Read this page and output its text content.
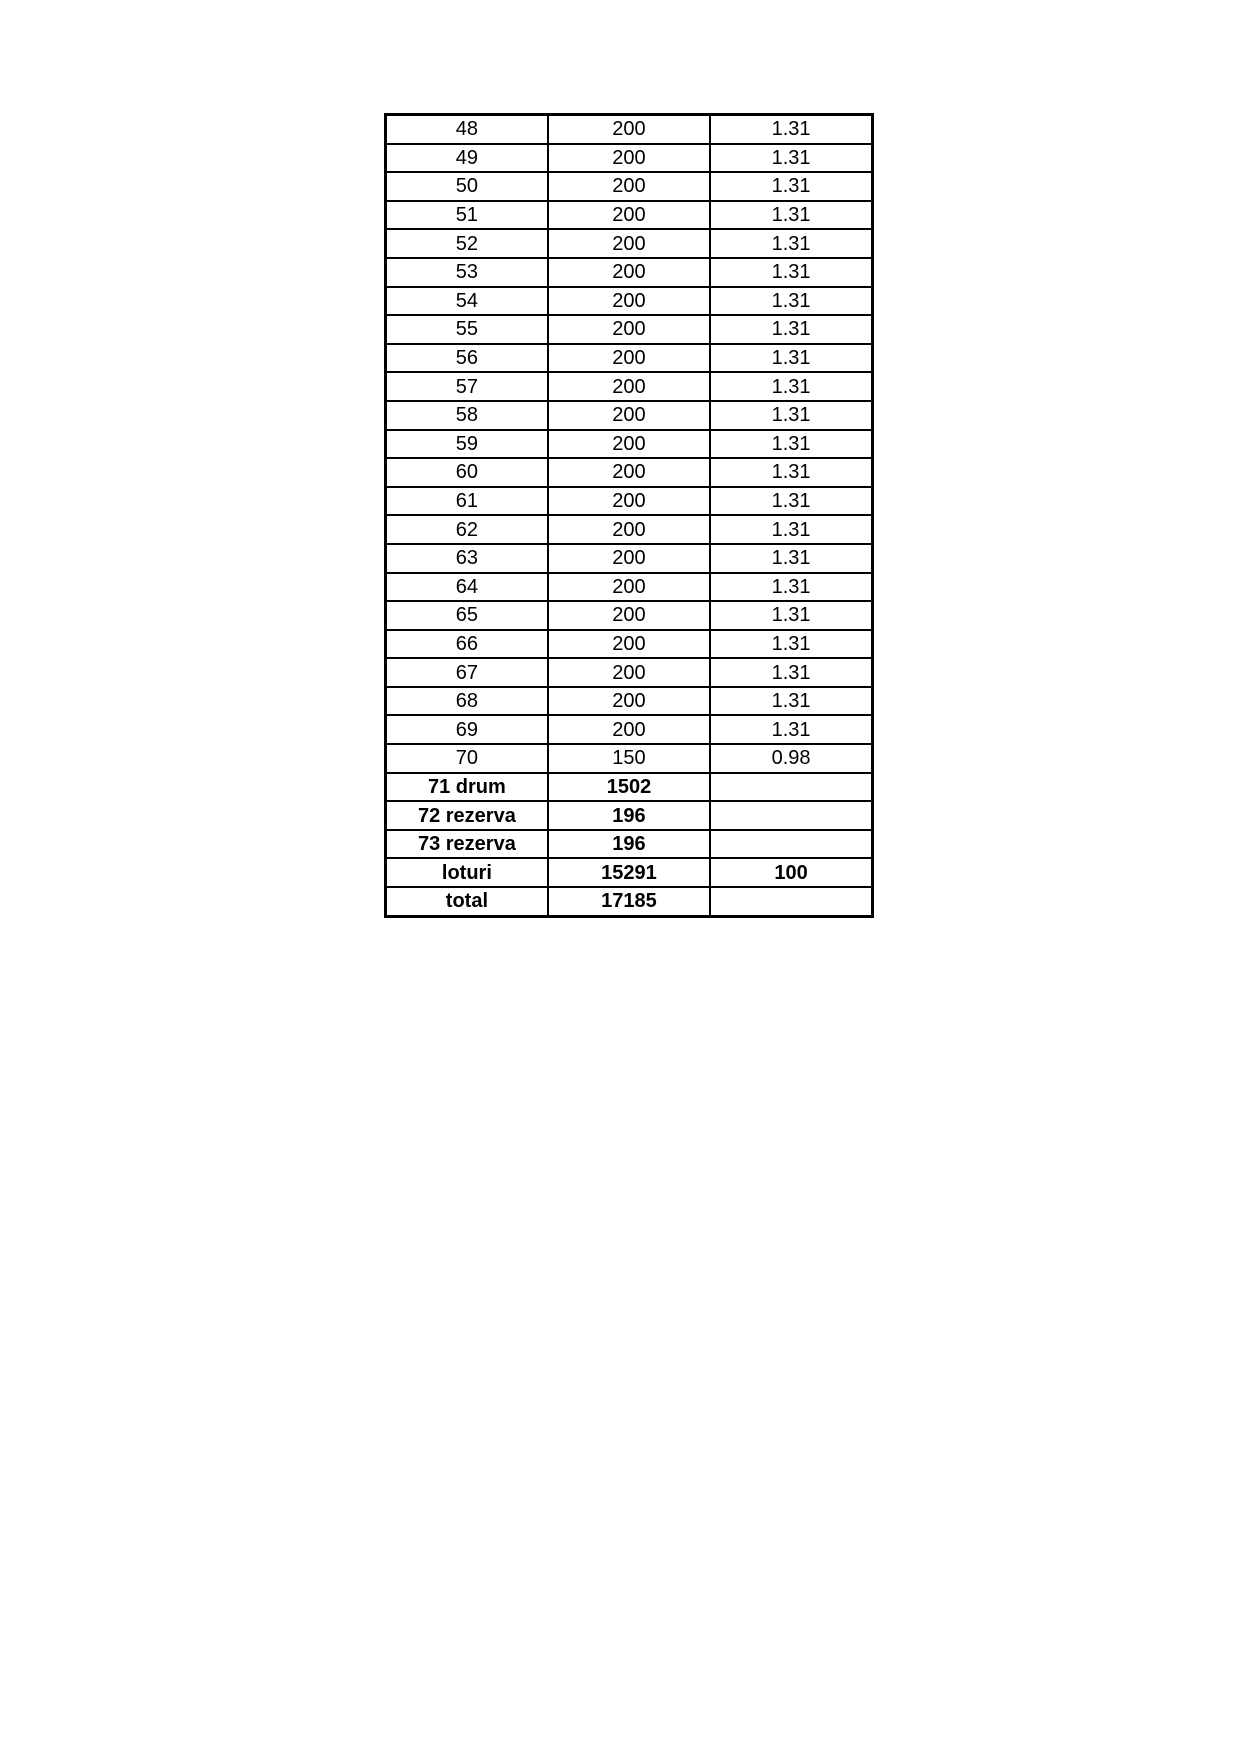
48	200	1.31
49	200	1.31
50	200	1.31
51	200	1.31
52	200	1.31
53	200	1.31
54	200	1.31
55	200	1.31
56	200	1.31
57	200	1.31
58	200	1.31
59	200	1.31
60	200	1.31
61	200	1.31
62	200	1.31
63	200	1.31
64	200	1.31
65	200	1.31
66	200	1.31
67	200	1.31
68	200	1.31
69	200	1.31
70	150	0.98
71 drum	1502	
72 rezerva	196	
73 rezerva	196	
loturi	15291	100
total	17185	
